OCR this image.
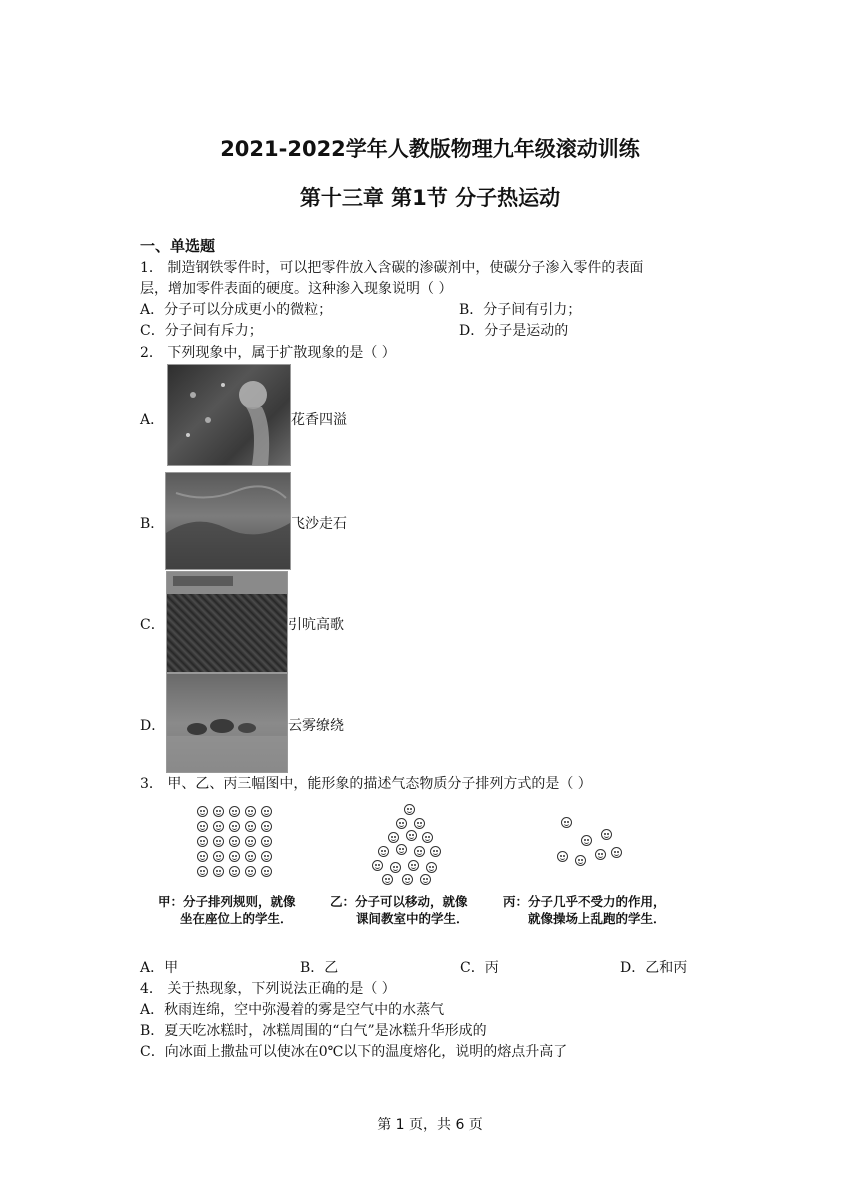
2021-2022学年人教版物理九年级滚动训练
第十三章 第1节 分子热运动
一、单选题
1． 制造钢铁零件时，可以把零件放入含碳的渗碳剂中，使碳分子渗入零件的表面
层，增加零件表面的硬度。这种渗入现象说明（ ）
A．分子可以分成更小的微粒；	B．分子间有引力；
C．分子间有斥力；	D．分子是运动的
2． 下列现象中，属于扩散现象的是（ ）
A．	花香四溢
B．	飞沙走石
C．	引吭高歌
D．	云雾缭绕
3． 甲、乙、丙三幅图中，能形象的描述气态物质分子排列方式的是（ ）
甲：分子排列规则，就像
坐在座位上的学生．
乙：分子可以移动，就像
课间教室中的学生．
丙：分子几乎不受力的作用，
就像操场上乱跑的学生．
A．甲	B．乙	C．丙	D．乙和丙
4． 关于热现象，下列说法正确的是（ ）
A．秋雨连绵，空中弥漫着的雾是空气中的水蒸气
B．夏天吃冰糕时，冰糕周围的“白气”是冰糕升华形成的
C．向冰面上撒盐可以使冰在0℃以下的温度熔化，说明的熔点升高了
第 1 页，共 6 页
